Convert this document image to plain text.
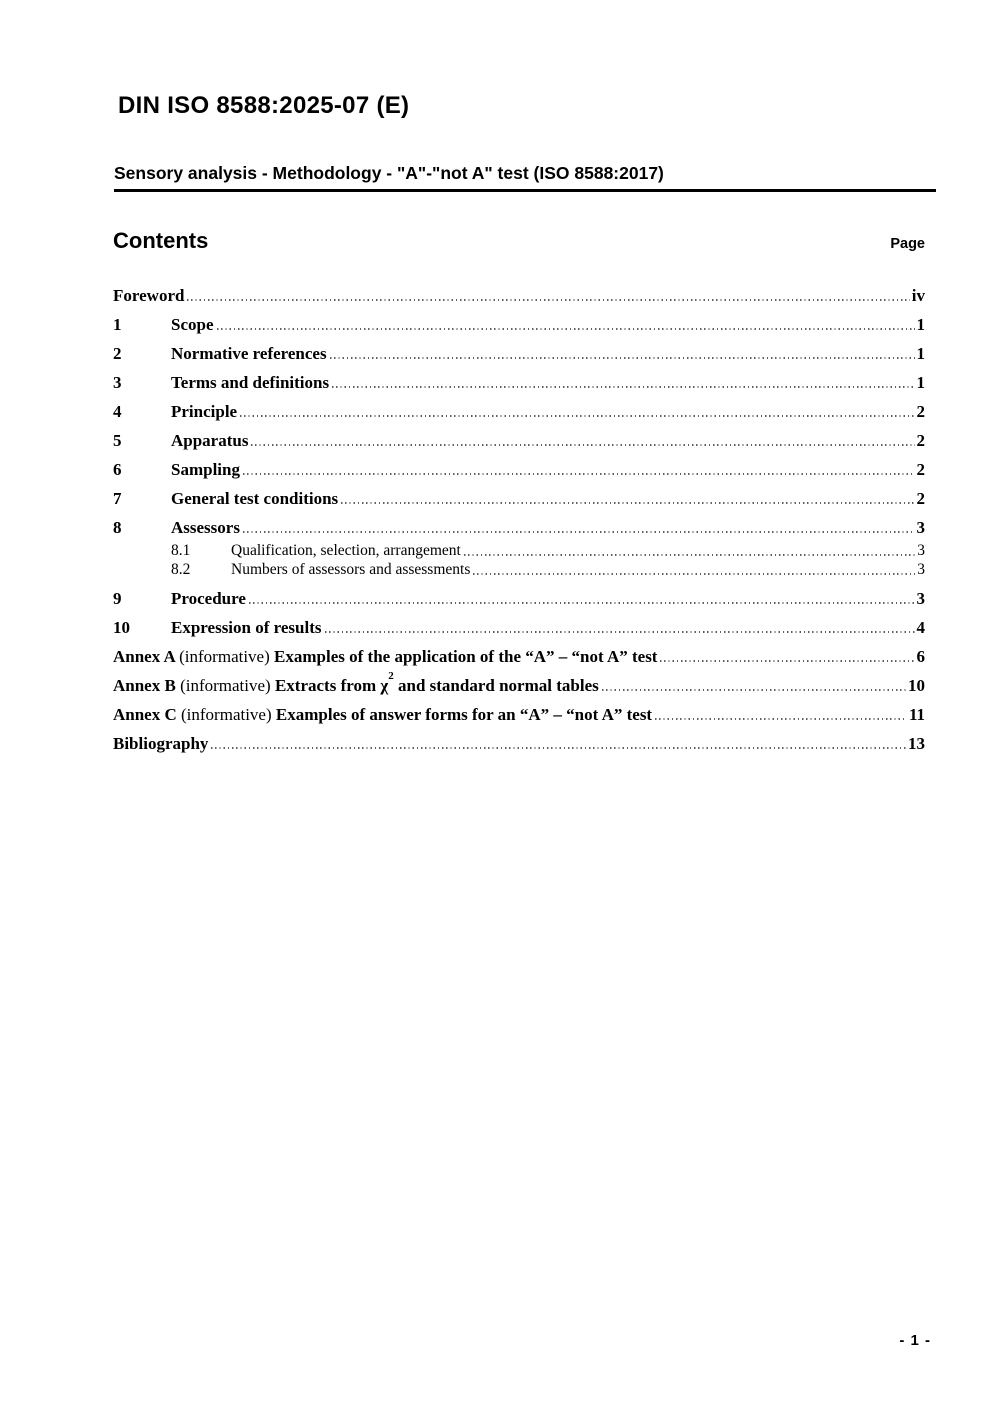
DIN ISO 8588:2025-07 (E)
Sensory analysis - Methodology - "A"-"not A" test (ISO 8588:2017)
Contents	Page
Foreword	iv
1	Scope	1
2	Normative references	1
3	Terms and definitions	1
4	Principle	2
5	Apparatus	2
6	Sampling	2
7	General test conditions	2
8	Assessors	3
8.1	Qualification, selection, arrangement	3
8.2	Numbers of assessors and assessments	3
9	Procedure	3
10	Expression of results	4
Annex A (informative) Examples of the application of the “A” – “not A” test	6
Annex B (informative) Extracts from $\chi^2$ and standard normal tables	10
Annex C (informative) Examples of answer forms for an “A” – “not A” test	11
Bibliography	13
- 1 -
